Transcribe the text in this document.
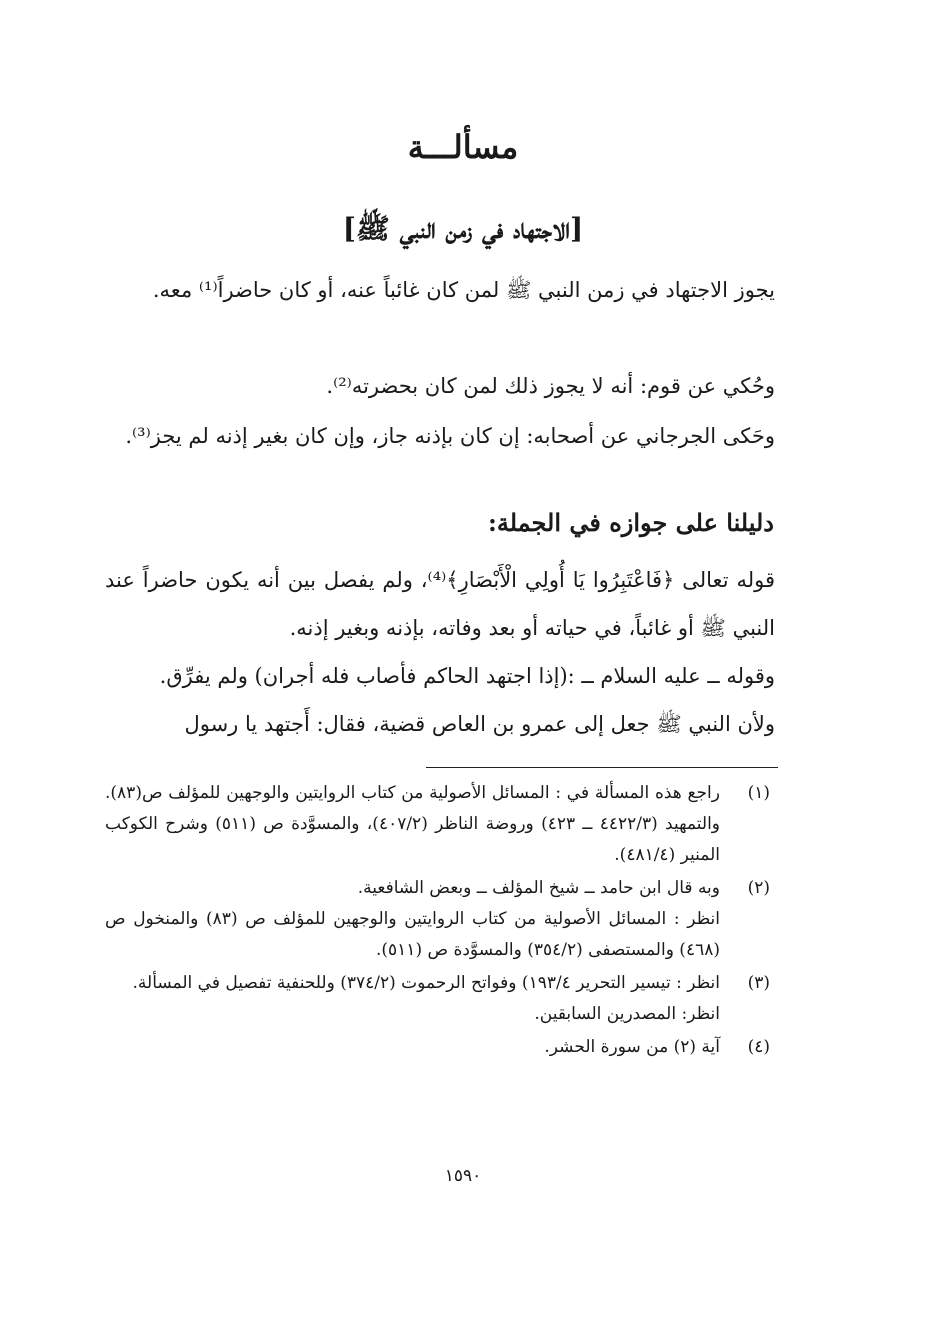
مسألـــة
[الاجتهاد في زمن النبي ﷺ]

يجوز الاجتهاد في زمن النبي ﷺ لمن كان غائباً عنه، أو كان حاضراً⁽¹⁾ معه.

وحُكي عن قوم: أنه لا يجوز ذلك لمن كان بحضرته⁽²⁾.

وحَكى الجرجاني عن أصحابه: إن كان بإذنه جاز، وإن كان بغير إذنه لم يجز⁽³⁾.

دليلنا على جوازه في الجملة:

قوله تعالى ﴿فَاعْتَبِرُوا يَا أُولِي الْأَبْصَارِ﴾⁽⁴⁾، ولم يفصل بين أنه يكون حاضراً عند النبي ﷺ أو غائباً، في حياته أو بعد وفاته، بإذنه وبغير إذنه.

وقوله ــ عليه السلام ــ :(إذا اجتهد الحاكم فأصاب فله أجران) ولم يفرِّق.

ولأن النبي ﷺ جعل إلى عمرو بن العاص قضية، فقال: أَجتهد يا رسول

(١)
راجع هذه المسألة في : المسائل الأصولية من كتاب الروايتين والوجهين للمؤلف ص(٨٣). والتمهيد (٤٤٢٢/٣ ــ ٤٢٣) وروضة الناظر (٤٠٧/٢)، والمسوَّدة ص (٥١١) وشرح الكوكب المنير (٤٨١/٤).
(٢)
وبه قال ابن حامد ــ شيخ المؤلف ــ وبعض الشافعية.
انظر : المسائل الأصولية من كتاب الروايتين والوجهين للمؤلف ص (٨٣) والمنخول ص (٤٦٨) والمستصفى (٣٥٤/٢) والمسوَّدة ص (٥١١).
(٣)
انظر : تيسير التحرير ١٩٣/٤) وفواتح الرحموت (٣٧٤/٢) وللحنفية تفصيل في المسألة.
انظر: المصدرين السابقين.
(٤)
آية (٢) من سورة الحشر.
١٥٩٠
